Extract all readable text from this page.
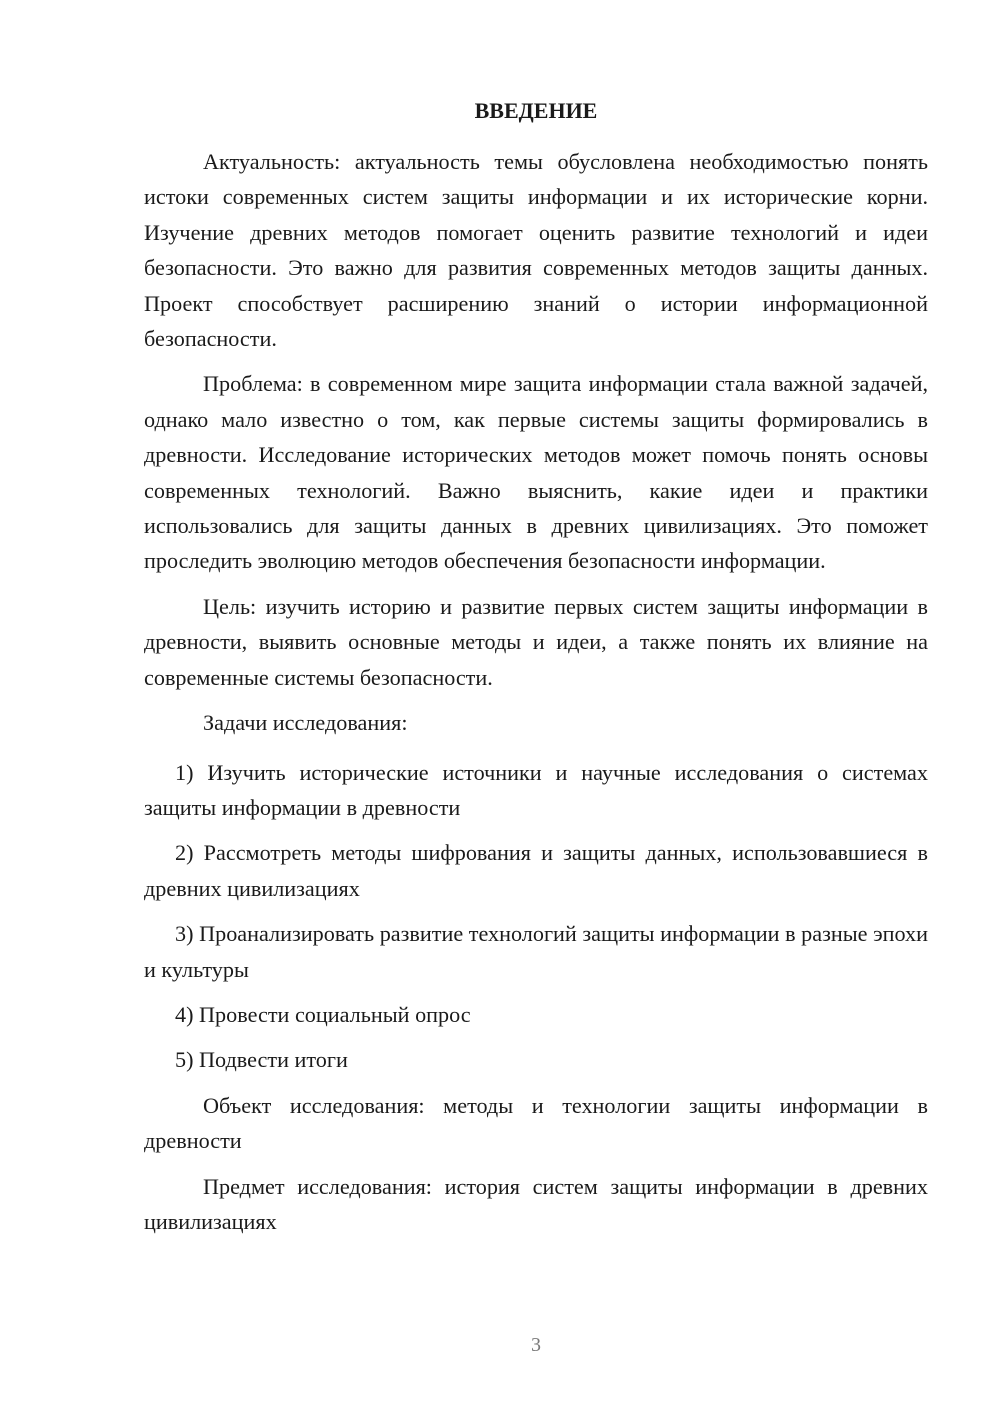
ВВЕДЕНИЕ

Актуальность: актуальность темы обусловлена необходимостью понять истоки современных систем защиты информации и их исторические корни. Изучение древних методов помогает оценить развитие технологий и идеи безопасности. Это важно для развития современных методов защиты данных. Проект способствует расширению знаний о истории информационной безопасности.

Проблема: в современном мире защита информации стала важной задачей, однако мало известно о том, как первые системы защиты формировались в древности. Исследование исторических методов может помочь понять основы современных технологий. Важно выяснить, какие идеи и практики использовались для защиты данных в древних цивилизациях. Это поможет проследить эволюцию методов обеспечения безопасности информации.

Цель: изучить историю и развитие первых систем защиты информации в древности, выявить основные методы и идеи, а также понять их влияние на современные системы безопасности.

Задачи исследования:

1) Изучить исторические источники и научные исследования о системах защиты информации в древности

2) Рассмотреть методы шифрования и защиты данных, использовавшиеся в древних цивилизациях

3) Проанализировать развитие технологий защиты информации в разные эпохи и культуры

4) Провести социальный опрос

5) Подвести итоги

Объект исследования: методы и технологии защиты информации в древности

Предмет исследования: история систем защиты информации в древних цивилизациях

3
